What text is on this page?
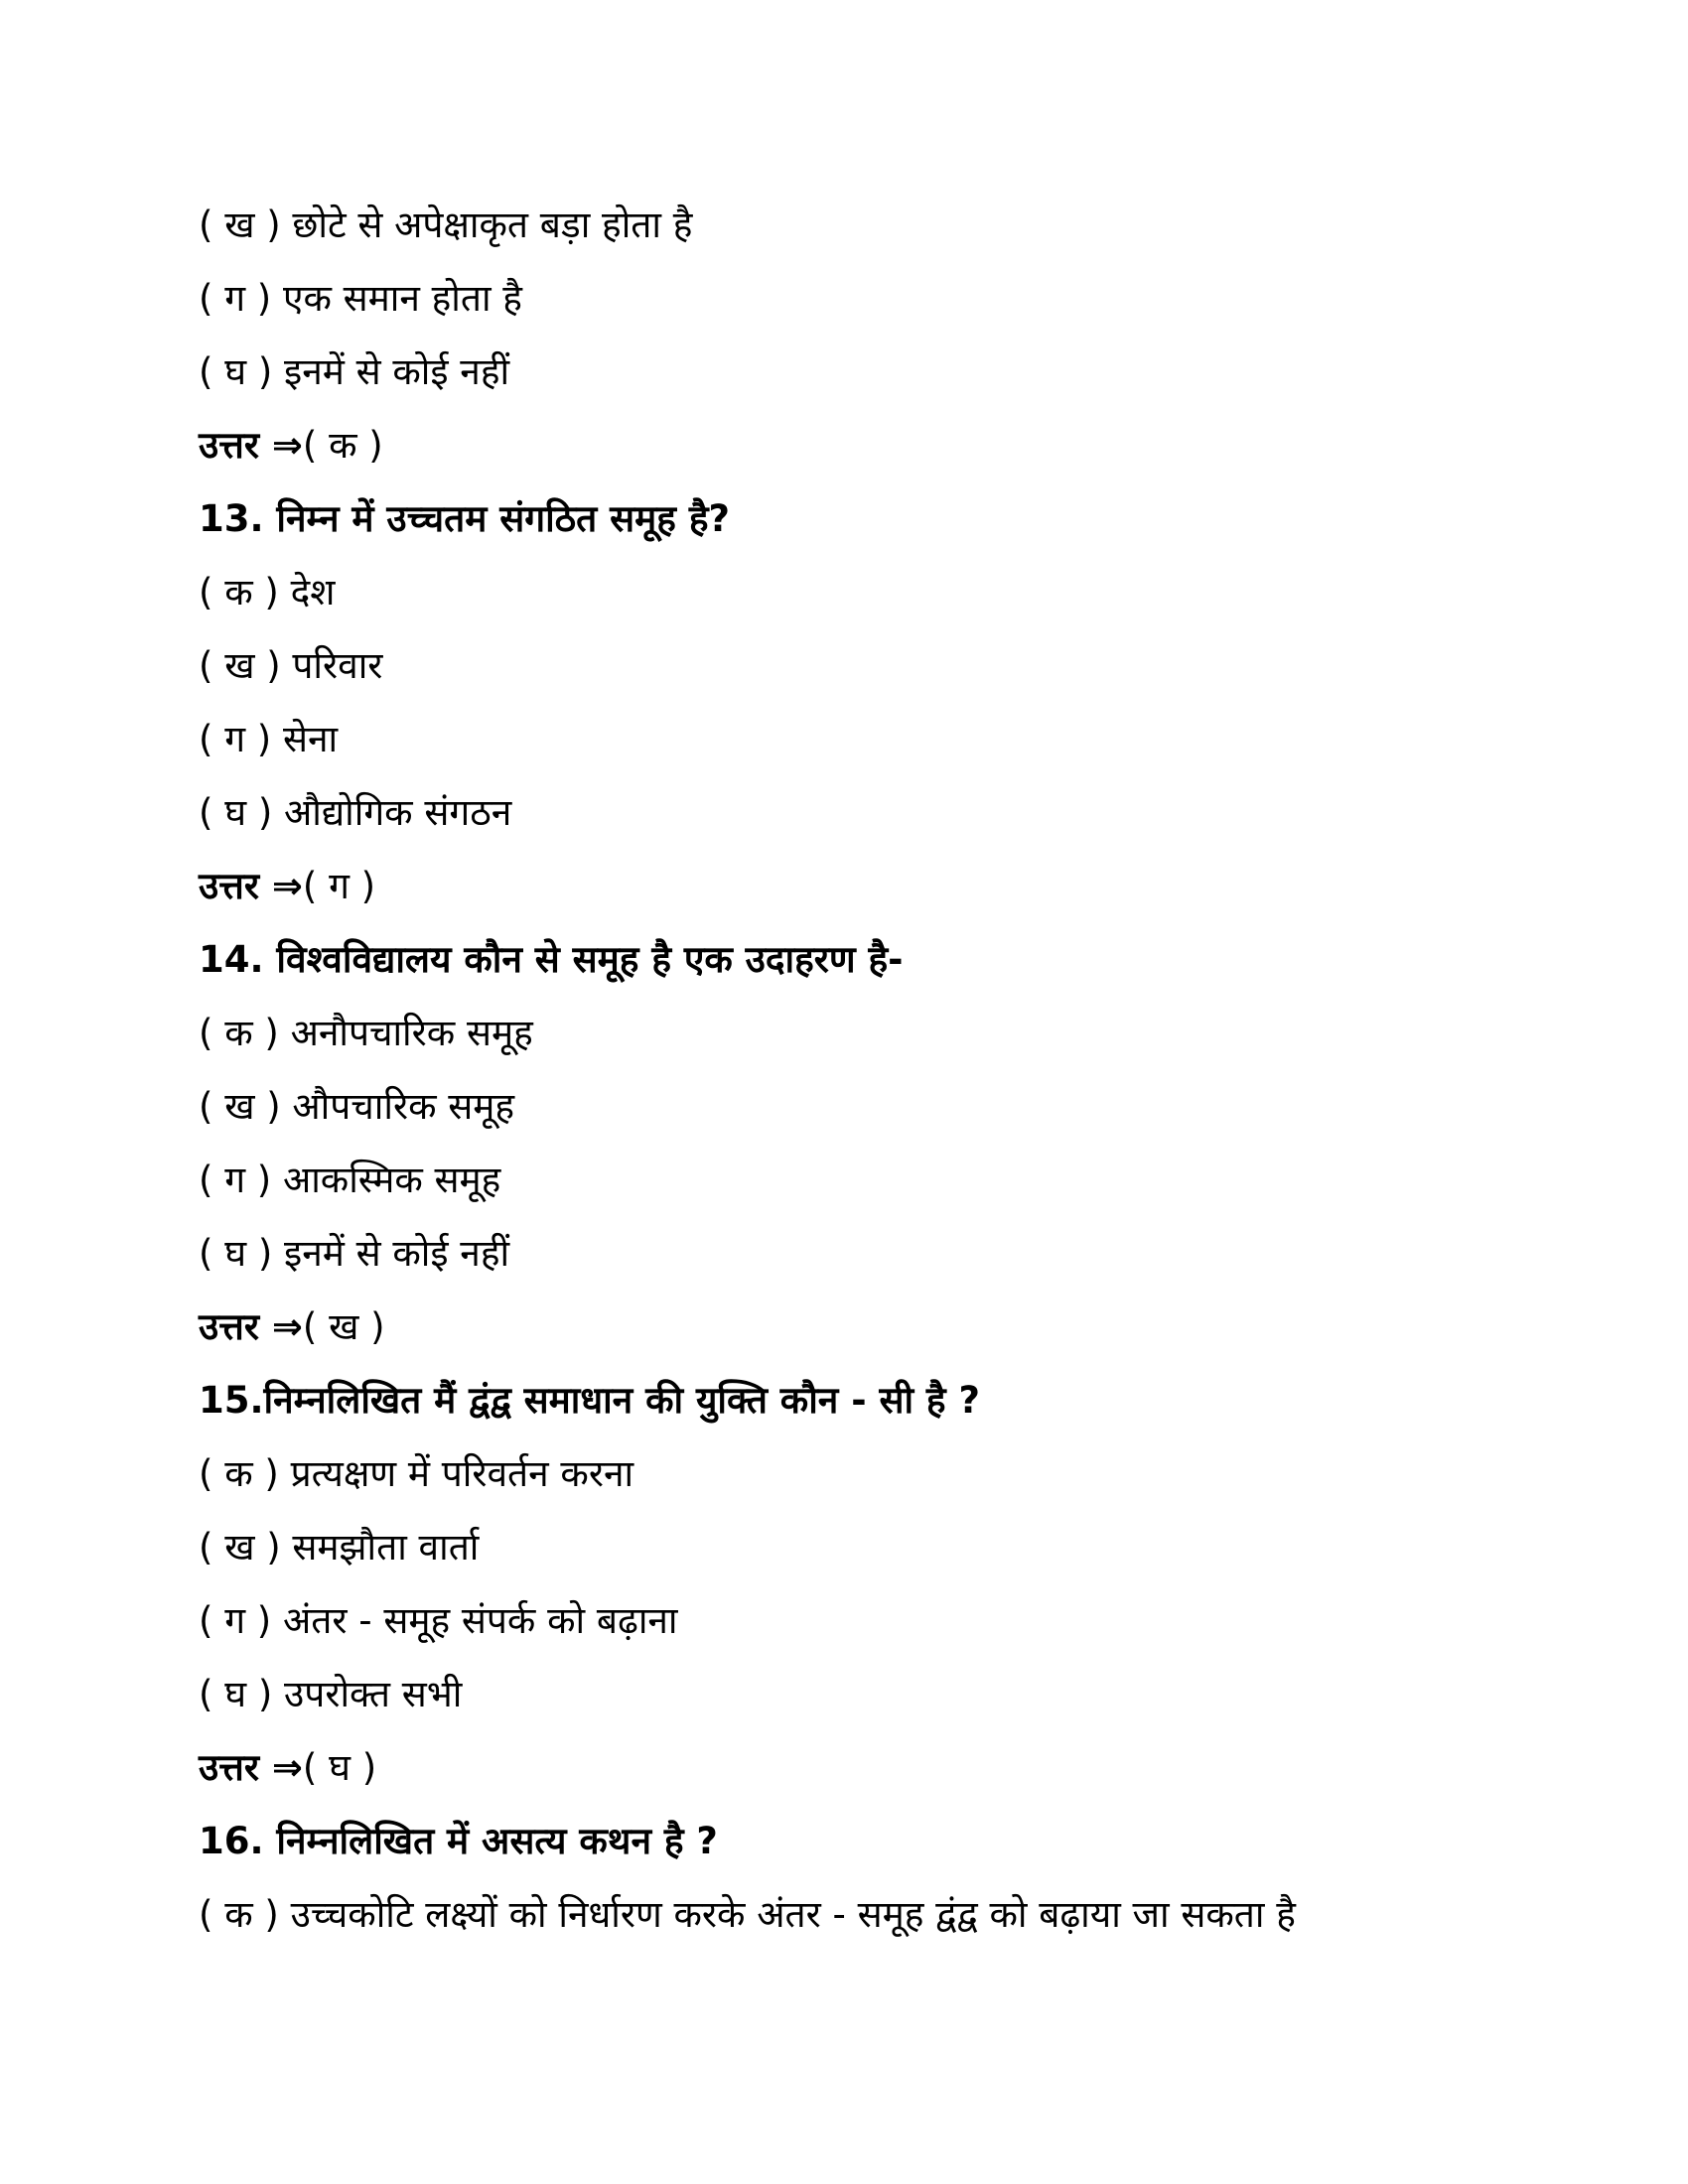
( ख ) छोटे से अपेक्षाकृत बड़ा होता है
( ग ) एक समान होता है
( घ ) इनमें से कोई नहीं
उत्तर ⇒( क )
13. निम्न में उच्चतम संगठित समूह है?
( क ) देश
( ख ) परिवार
( ग ) सेना
( घ ) औद्योगिक संगठन
उत्तर ⇒( ग )
14. विश्वविद्यालय कौन से समूह है एक उदाहरण है-
( क ) अनौपचारिक समूह
( ख ) औपचारिक समूह
( ग ) आकस्मिक समूह
( घ ) इनमें से कोई नहीं
उत्तर ⇒( ख )
15.निम्नलिखित मैं द्वंद्व समाधान की युक्ति कौन - सी है ?
( क ) प्रत्यक्षण में परिवर्तन करना
( ख ) समझौता वार्ता
( ग ) अंतर - समूह संपर्क को बढ़ाना
( घ ) उपरोक्त सभी
उत्तर ⇒( घ )
16. निम्नलिखित में असत्य कथन है ?
( क ) उच्चकोटि लक्ष्यों को निर्धारण करके अंतर - समूह द्वंद्व को बढ़ाया जा सकता है
